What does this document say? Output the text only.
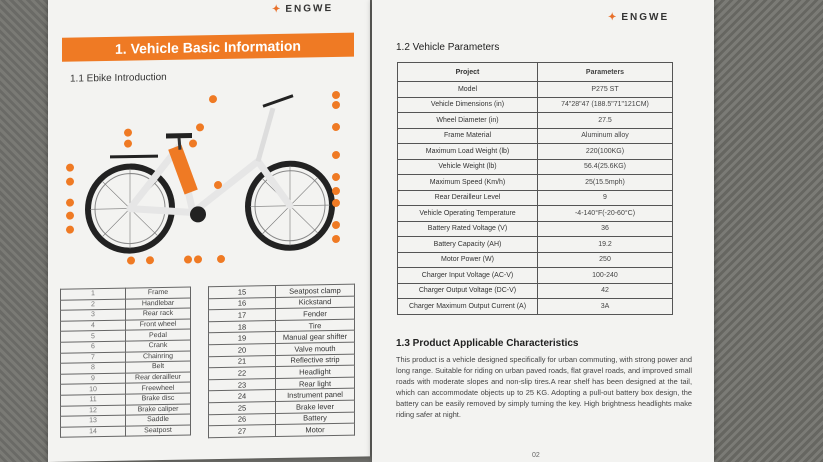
✦ ENGWE
1. Vehicle Basic Information
1.1 Ebike Introduction
1	Frame
2	Handlebar
3	Rear rack
4	Front wheel
5	Pedal
6	Crank
7	Chainring
8	Belt
9	Rear derailleur
10	Freewheel
11	Brake disc
12	Brake caliper
13	Saddle
14	Seatpost
15	Seatpost clamp
16	Kickstand
17	Fender
18	Tire
19	Manual gear shifter
20	Valve mouth
21	Reflective strip
22	Headlight
23	Rear light
24	Instrument panel
25	Brake lever
26	Battery
27	Motor
✦ ENGWE
1.2 Vehicle Parameters
Project	Parameters
Model	P275 ST
Vehicle Dimensions (in)	74"28"47 (188.5"71"121CM)
Wheel Diameter (in)	27.5
Frame Material	Aluminum alloy
Maximum Load Weight (lb)	220(100KG)
Vehicle Weight (lb)	56.4(25.6KG)
Maximum Speed (Km/h)	25(15.5mph)
Rear Derailleur Level	9
Vehicle Operating Temperature	-4-140°F(-20-60°C)
Battery Rated Voltage (V)	36
Battery Capacity (AH)	19.2
Motor Power (W)	250
Charger Input Voltage (AC-V)	100-240
Charger Output Voltage (DC-V)	42
Charger Maximum Output Current (A)	3A
1.3 Product Applicable Characteristics
This product is a vehicle designed specifically for urban commuting, with strong power and long range. Suitable for riding on urban paved roads, flat gravel roads, and improved small roads with moderate slopes and non-slip tires.A rear shelf has been designed at the tail, which can accommodate objects up to 25 KG. Adopting a pull-out battery box design, the battery can be easily removed by simply turning the key. High brightness headlights make riding safer at night.
02
